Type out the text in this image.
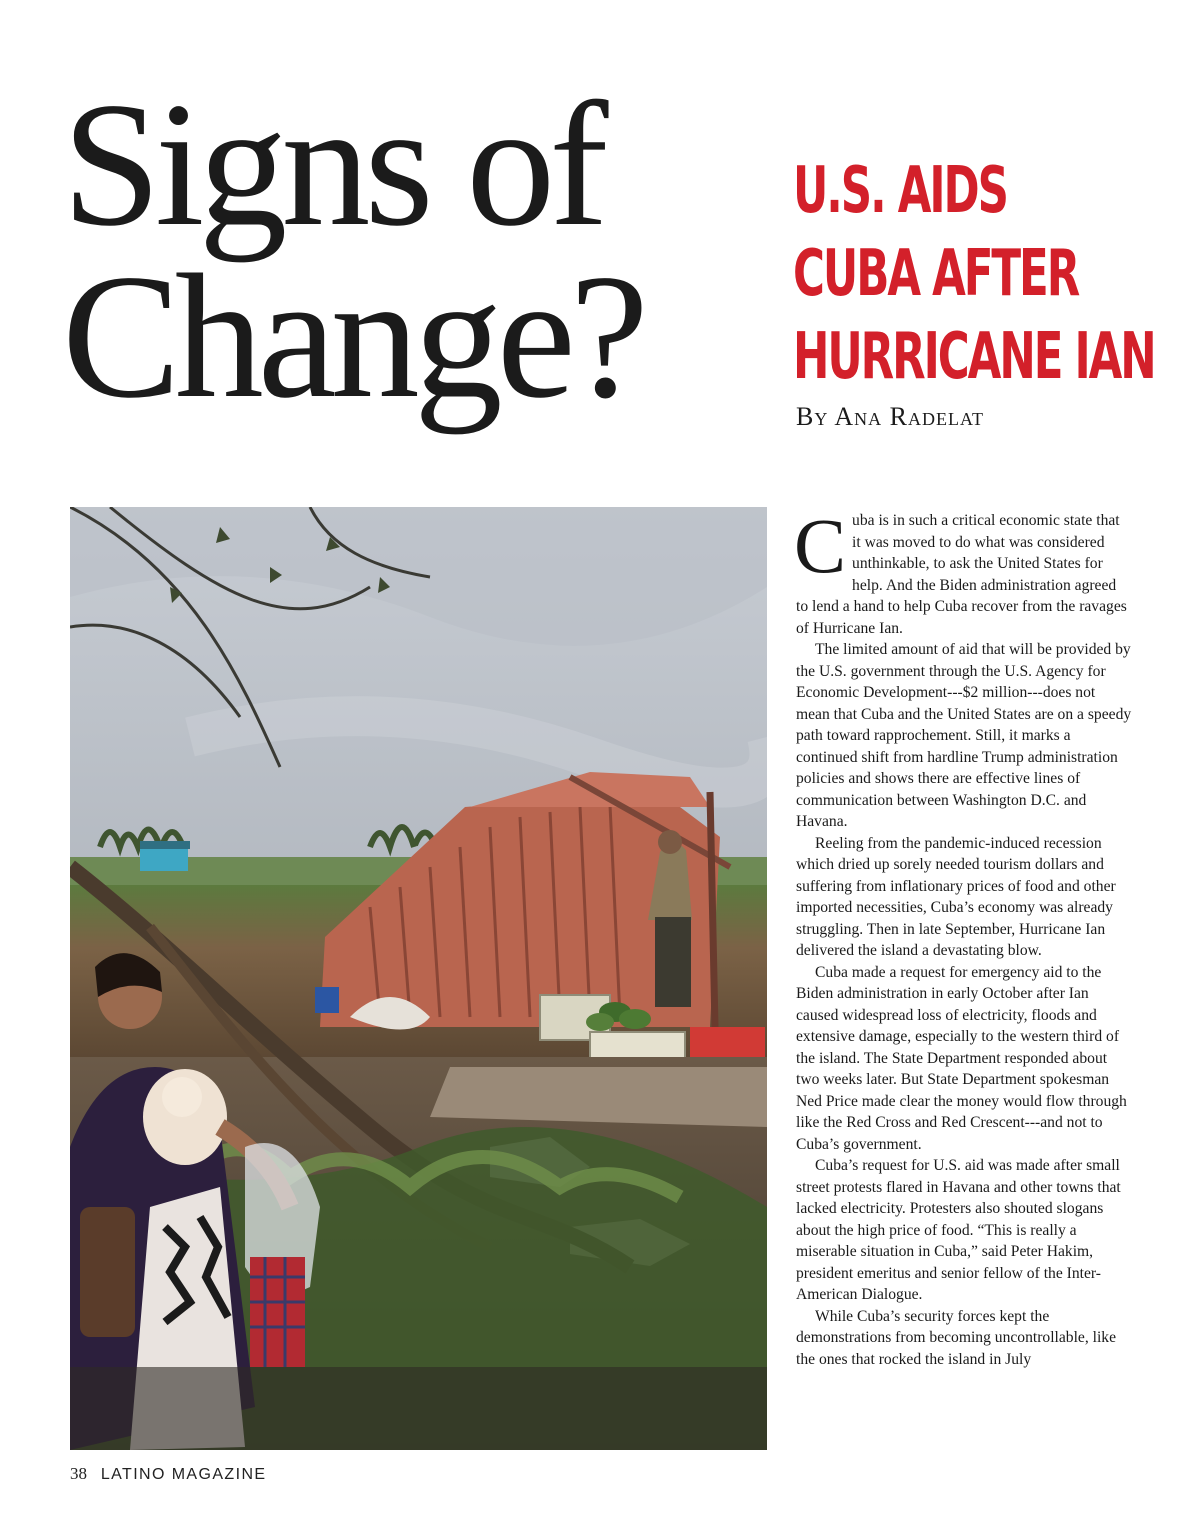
Signs of
Change?
U.S. AIDS
CUBA AFTER
HURRICANE IAN
By Ana Radelat

Cuba is in such a critical economic state that it was moved to do what was considered unthinkable, to ask the United States for help. And the Biden administration agreed to lend a hand to help Cuba recover from the ravages of Hurricane Ian.

The limited amount of aid that will be provided by the U.S. government through the U.S. Agency for Economic Development---$2 million---does not mean that Cuba and the United States are on a speedy path toward rapprochement. Still, it marks a continued shift from hardline Trump administration policies and shows there are effective lines of communication between Washington D.C. and Havana.

Reeling from the pandemic-induced recession which dried up sorely needed tourism dollars and suffering from inflationary prices of food and other imported necessities, Cuba’s economy was already struggling. Then in late September, Hurricane Ian delivered the island a devastating blow.

Cuba made a request for emergency aid to the Biden administration in early October after Ian caused widespread loss of electricity, floods and extensive damage, especially to the western third of the island. The State Department responded about two weeks later. But State Department spokesman Ned Price made clear the money would flow through like the Red Cross and Red Crescent---and not to Cuba’s government.

Cuba’s request for U.S. aid was made after small street protests flared in Havana and other towns that lacked electricity. Protesters also shouted slogans about the high price of food. “This is really a miserable situation in Cuba,” said Peter Hakim, president emeritus and senior fellow of the Inter-American Dialogue.

While Cuba’s security forces kept the demonstrations from becoming uncontrollable, like the ones that rocked the island in July

38 LATINO MAGAZINE
